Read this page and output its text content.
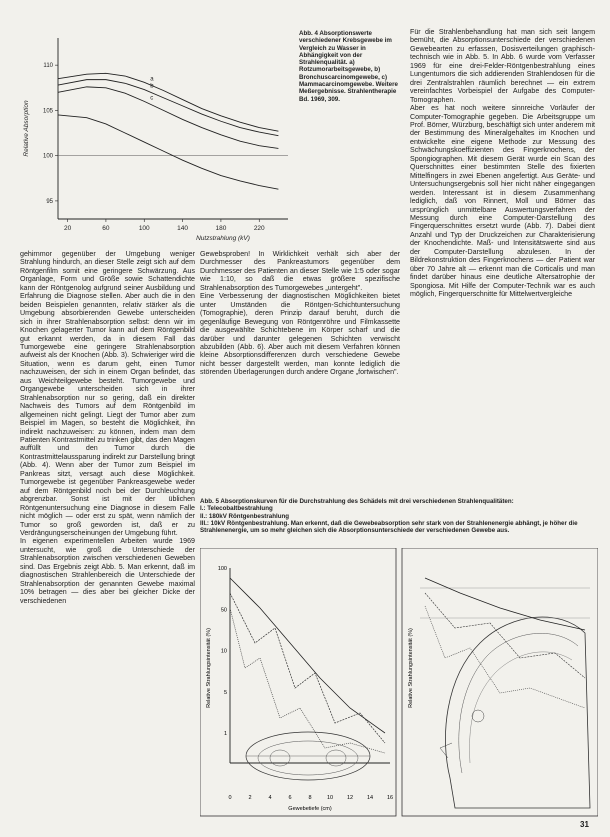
20	60	100	140	180	220
110
105
100
95
Nutzstrahlung (kV)
Relative Absorption
a
b
c
Abb. 4 Absorptionswerte verschiedener Krebsgewebe im Vergleich zu Wasser in Abhängigkeit von der Strahlenqualität. a) Rotzumorarbeitsgewebe, b) Bronchuscarcinomgewebe, c) Mammacarcinomgewebe. Weitere Meßergebnisse. Strahlentherapie Bd. 1969, 309.

gehirnmor gegenüber der Umgebung weniger Strahlung hindurch, an dieser Stelle zeigt sich auf dem Röntgenfilm somit eine geringere Schwärzung. Aus Organlage, Form und Größe sowie Schattendichte kann der Röntgenolog aufgrund seiner Ausbildung und Erfahrung die Diagnose stellen. Aber auch die in den beiden Beispielen genannten, relativ stärker als die Umgebung absorbierenden Gewebe unterscheiden sich in ihrer Strahlenabsorption selbst: denn wir im Knochen gelagerter Tumor kann auf dem Röntgenbild gut erkannt werden, da in diesem Fall das Tumorgewebe eine geringere Strahlenabsorption aufweist als der Knochen (Abb. 3). Schwieriger wird die Situation, wenn es darum geht, einen Tumor nachzuweisen, der sich in einem Organ befindet, das aus Weichteilgewebe besteht. Tumorgewebe und Organgewebe unterscheiden sich in ihrer Strahlenabsorption nur so gering, daß ein direkter Nachweis des Tumors auf dem Röntgenbild im allgemeinen nicht gelingt. Liegt der Tumor aber zum Beispiel im Magen, so besteht die Möglichkeit, ihn indirekt nachzuweisen: zu können, indem man dem Patienten Kontrastmittel zu trinken gibt, das den Magen auffüllt und den Tumor durch die Kontrastmittelaussparung indirekt zur Darstellung bringt (Abb. 4). Wenn aber der Tumor zum Beispiel im Pankreas sitzt, versagt auch diese Möglichkeit. Tumorgewebe ist gegenüber Pankreasgewebe weder auf dem Röntgenbild noch bei der Durchleuchtung abgrenzbar. Sonst ist mit der üblichen Röntgenuntersuchung eine Diagnose in diesem Falle nicht möglich — oder erst zu spät, wenn nämlich der Tumor so groß geworden ist, daß er zu Verdrängungserscheinungen der Umgebung führt.

In eigenen experimentellen Arbeiten wurde 1969 untersucht, wie groß die Unterschiede der Strahlenabsorption zwischen verschiedenen Geweben sind. Das Ergebnis zeigt Abb. 5. Man erkennt, daß im diagnostischen Strahlenbereich die Unterschiede der Strahlenabsorption der genannten Gewebe maximal 10% betragen — dies aber bei gleicher Dicke der verschiedenen

Gewebsproben! In Wirklichkeit verhält sich aber der Durchmesser des Pankreastumors gegenüber dem Durchmesser des Patienten an dieser Stelle wie 1:5 oder sogar wie 1:10, so daß die etwas größere spezifische Strahlenabsorption des Tumorgewebes „untergeht".

Eine Verbesserung der diagnostischen Möglichkeiten bietet unter Umständen die Röntgen-Schichtuntersuchung (Tomographie), deren Prinzip darauf beruht, durch die gegenläufige Bewegung von Röntgenröhre und Filmkassette die ausgewählte Schichtebene im Körper scharf und die darüber und darunter gelegenen Schichten verwischt abzubilden (Abb. 6). Aber auch mit diesem Verfahren können kleine Absorptionsdifferenzen durch verschiedene Gewebe nicht besser dargestellt werden, man konnte lediglich die störenden Überlagerungen durch andere Organe „fortwischen".

Für die Strahlenbehandlung hat man sich seit langem bemüht, die Absorptionsunterschiede der verschiedenen Gewebearten zu erfassen, Dosisverteilungen graphisch-technisch wie in Abb. 5. In Abb. 6 wurde vom Verfasser 1969 für eine drei-Felder-Röntgenbestrahlung eines Lungentumors die sich addierenden Strahlendosen für die drei Zentralstrahlen räumlich berechnet — ein extrem vereinfachtes Vorbeispiel der Aufgabe des Computer-Tomographen.

Aber es hat noch weitere sinnreiche Vorläufer der Computer-Tomographie gegeben. Die Arbeitsgruppe um Prof. Börner, Würzburg, beschäftigt sich unter anderem mit der Bestimmung des Mineralgehaltes im Knochen und entwickelte eine eigene Methode zur Messung des Schwächungskoeffizienten des Fingerknochens, der Spongiographen. Mit diesem Gerät wurde ein Scan des Querschnittes einer bestimmten Stelle des fixierten Mittelfingers in zwei Ebenen angefertigt. Aus Geräte- und Untersuchungsergebnis soll hier nicht näher eingegangen werden. Interessant ist in diesem Zusammenhang lediglich, daß von Rinnert, Moll und Börner das ursprünglich unmittelbare Auswertungsverfahren der Messung durch eine Computer-Darstellung des Fingerquerschnittes ersetzt wurde (Abb. 7). Dabei dient Anzahl und Typ der Druckzeichen zur Charakterisierung der Knochendichte. Maß- und Intensitätswerte sind aus der Computer-Darstellung abzulesen. In der Bildrekonstruktion des Fingerknochens — der Patient war über 70 Jahre alt — erkennt man die Corticalis und man findet darüber hinaus eine deutliche Altersatrophie der Spongiosa. Mit Hilfe der Computer-Technik war es auch möglich, Fingerquerschnitte für Mittelwertvergleiche

Abb. 5 Absorptionskurven für die Durchstrahlung des Schädels mit drei verschiedenen Strahlenqualitäten:

I.: Telecobaltbestrahlung

II.: 180kV Röntgenbestrahlung

III.: 10kV Röntgenbestrahlung. Man erkennt, daß die Gewebeabsorption sehr stark von der Strahlenenergie abhängt, je höher die Strahlenenergie, um so mehr gleichen sich die Absorptionsunterschiede der verschiedenen Gewebe aus.

0	2	4	6	8	10	12	14	16
100
50
10
5
1
Relative Strahlungsintensität (%)
Gewebetiefe (cm)
Relative Strahlungsintensität (%)
31
